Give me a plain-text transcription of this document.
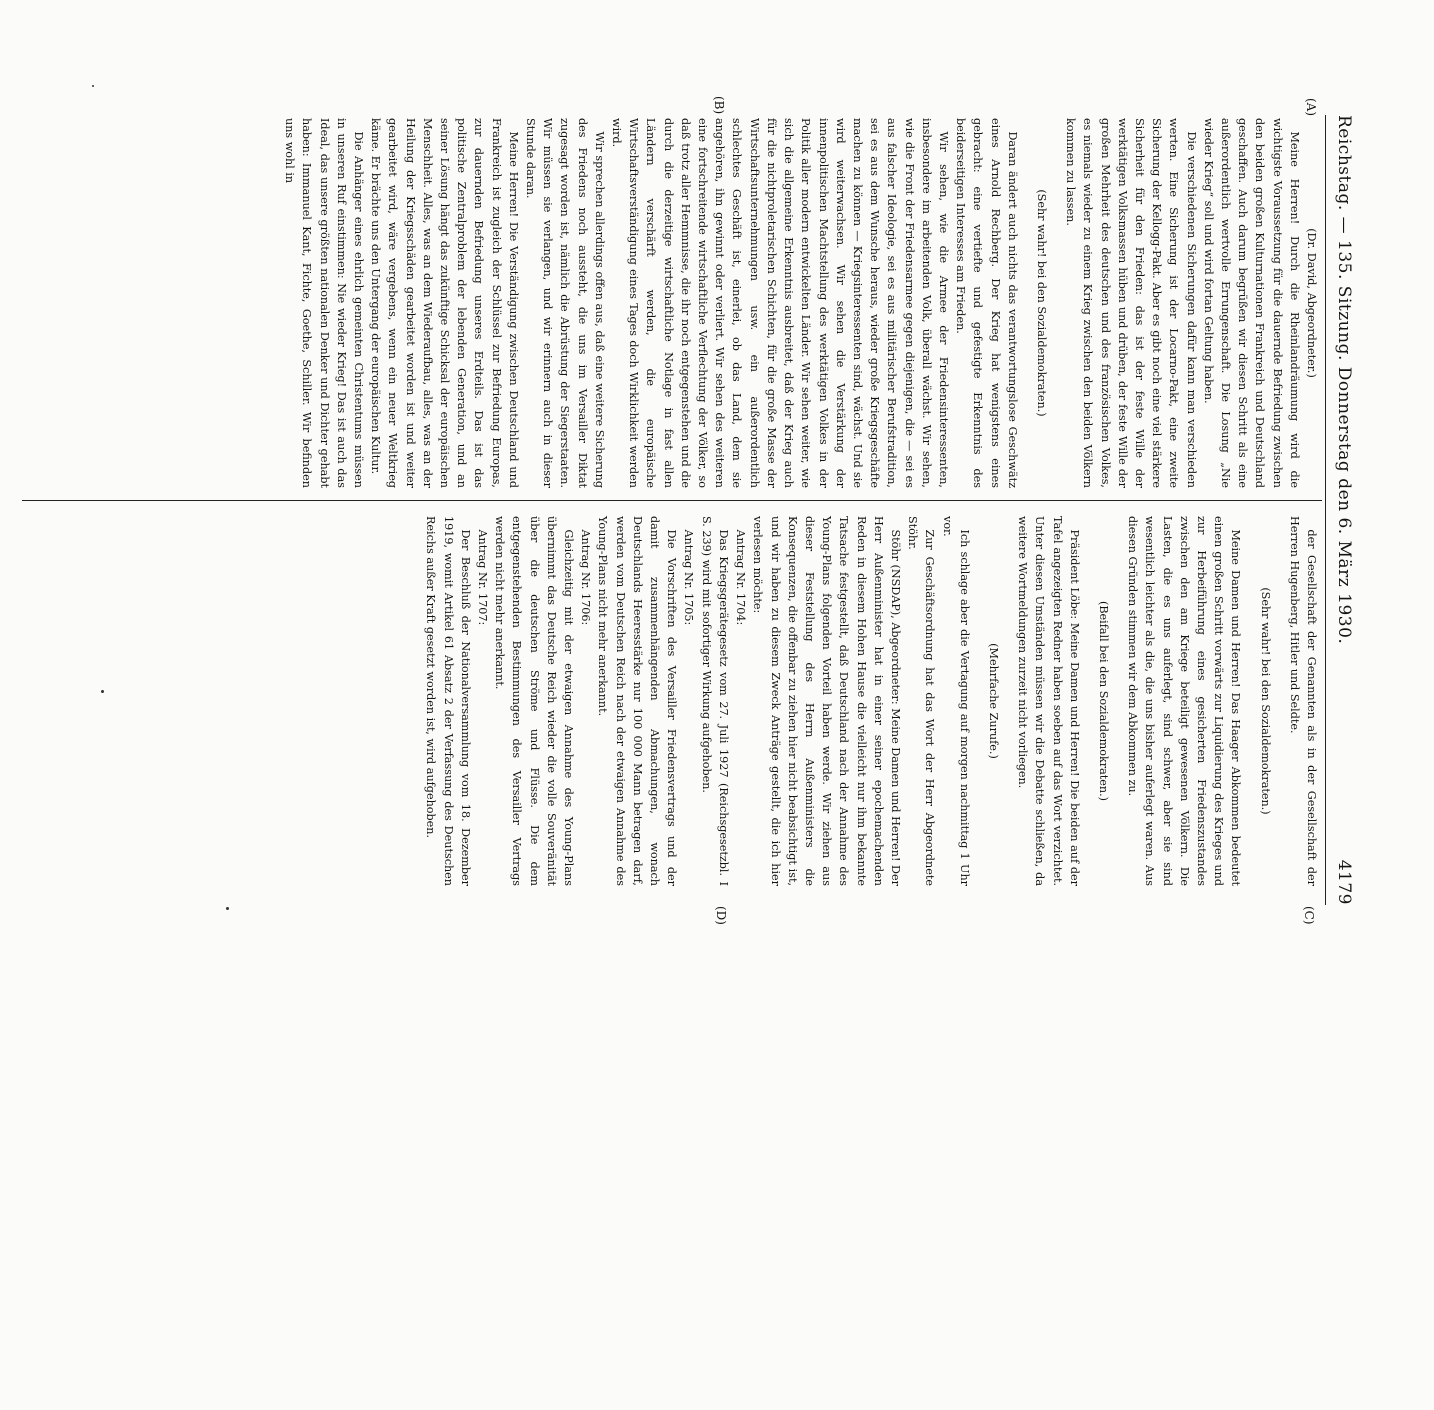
Reichstag. — 135. Sitzung. Donnerstag den 6. März 1930.
4179
(A)
(B)
(C)
(D)

(Dr. David, Abgeordneter.)

Meine Herren! Durch die Rheinlandräumung wird die wichtigste Voraussetzung für die dauernde Befriedung zwischen den beiden großen Kulturnationen Frankreich und Deutschland geschaffen. Auch darum begrüßen wir diesen Schritt als eine außerordentlich wertvolle Errungenschaft. Die Losung „Nie wieder Krieg“ soll und wird fortan Geltung haben.

Die verschiedenen Sicherungen dafür kann man verschieden werten. Eine Sicherung ist der Locarno-Pakt, eine zweite Sicherung der Kellogg-Pakt. Aber es gibt noch eine viel stärkere Sicherheit für den Frieden: das ist der feste Wille der werktätigen Volksmassen hüben und drüben, der feste Wille der großen Mehrheit des deutschen und des französischen Volkes, es niemals wieder zu einem Krieg zwischen den beiden Völkern kommen zu lassen.

(Sehr wahr! bei den Sozialdemokraten.)

Daran ändert auch nichts das verantwortungslose Geschwätz eines Arnold Rechberg. Der Krieg hat wenigstens eines gebracht: eine vertiefte und gefestigte Erkenntnis des beiderseitigen Interesses am Frieden.

Wir sehen, wie die Armee der Friedensinteressenten, insbesondere im arbeitenden Volk, überall wächst. Wir sehen, wie die Front der Friedensarmee gegen diejenigen, die — sei es aus falscher Ideologie, sei es aus militärischer Berufstradition, sei es aus dem Wunsche heraus, wieder große Kriegsgeschäfte machen zu können — Kriegsinteressenten sind, wächst. Und sie wird weiterwachsen. Wir sehen die Verstärkung der innenpolitischen Machtstellung des werktätigen Volkes in der Politik aller modern entwickelten Länder. Wir sehen weiter, wie sich die allgemeine Erkenntnis ausbreitet, daß der Krieg auch für die nichtproletarischen Schichten, für die große Masse der Wirtschaftsunternehmungen usw. ein außerordentlich schlechtes Geschäft ist, einerlei, ob das Land, dem sie angehören, ihn gewinnt oder verliert. Wir sehen des weiteren eine fortschreitende wirtschaftliche Verflechtung der Völker, so daß trotz aller Hemmnisse, die ihr noch entgegenstehen und die durch die derzeitige wirtschaftliche Notlage in fast allen Ländern verschärft werden, die europäische Wirtschaftsverständigung eines Tages doch Wirklichkeit werden wird.

Wir sprechen allerdings offen aus, daß eine weitere Sicherung des Friedens noch aussteht, die uns im Versailler Diktat zugesagt worden ist, nämlich die Abrüstung der Siegerstaaten. Wir müssen sie verlangen, und wir erinnern auch in dieser Stunde daran.

Meine Herren! Die Verständigung zwischen Deutschland und Frankreich ist zugleich der Schlüssel zur Befriedung Europas, zur dauernden Befriedung unseres Erdteils. Das ist das politische Zentralproblem der lebenden Generation, und an seiner Lösung hängt das zukünftige Schicksal der europäischen Menschheit. Alles, was an dem Wiederaufbau, alles, was an der Heilung der Kriegsschäden gearbeitet worden ist und weiter gearbeitet wird, wäre vergebens, wenn ein neuer Weltkrieg käme. Er brächte uns den Untergang der europäischen Kultur.

Die Anhänger eines ehrlich gemeinten Christentums müssen in unseren Ruf einstimmen: Nie wieder Krieg! Das ist auch das Ideal, das unsere größten nationalen Denker und Dichter gehabt haben: Immanuel Kant, Fichte, Goethe, Schiller. Wir befinden uns wohl in

der Gesellschaft der Genannten als in der Gesellschaft der Herren Hugenberg, Hitler und Seldte.

(Sehr wahr! bei den Sozialdemokraten.)

Meine Damen und Herren! Das Haager Abkommen bedeutet einen großen Schritt vorwärts zur Liquidierung des Krieges und zur Herbeiführung eines gesicherten Friedenszustandes zwischen den am Kriege beteiligt gewesenen Völkern. Die Lasten, die es uns auferlegt, sind schwer, aber sie sind wesentlich leichter als die, die uns bisher auferlegt waren. Aus diesen Gründen stimmen wir dem Abkommen zu.

(Beifall bei den Sozialdemokraten.)

Präsident Löbe: Meine Damen und Herren! Die beiden auf der Tafel angezeigten Redner haben soeben auf das Wort verzichtet. Unter diesen Umständen müssen wir die Debatte schließen, da weitere Wortmeldungen zurzeit nicht vorliegen.

(Mehrfache Zurufe.)

Ich schlage aber die Vertagung auf morgen nachmittag 1 Uhr vor.

Zur Geschäftsordnung hat das Wort der Herr Abgeordnete Stöhr.

Stöhr (NSDAP), Abgeordneter: Meine Damen und Herren! Der Herr Außenminister hat in einer seiner epochemachenden Reden in diesem Hohen Hause die vielleicht nur ihm bekannte Tatsache festgestellt, daß Deutschland nach der Annahme des Young-Plans folgenden Vorteil haben werde. Wir ziehen aus dieser Feststellung des Herrn Außenministers die Konsequenzen, die offenbar zu ziehen hier nicht beabsichtigt ist, und wir haben zu diesem Zweck Anträge gestellt, die ich hier verlesen möchte:

Antrag Nr. 1704:

Das Kriegsgerätegesetz vom 27. Juli 1927 (Reichsgesetzbl. I S. 239) wird mit sofortiger Wirkung aufgehoben.

Antrag Nr. 1705:

Die Vorschriften des Versailler Friedensvertrags und der damit zusammenhängenden Abmachungen, wonach Deutschlands Heeresstärke nur 100 000 Mann betragen darf, werden vom Deutschen Reich nach der etwaigen Annahme des Young-Plans nicht mehr anerkannt.

Antrag Nr. 1706:

Gleichzeitig mit der etwaigen Annahme des Young-Plans übernimmt das Deutsche Reich wieder die volle Souveränität über die deutschen Ströme und Flüsse. Die dem entgegenstehenden Bestimmungen des Versailler Vertrags werden nicht mehr anerkannt.

Antrag Nr. 1707:

Der Beschluß der Nationalversammlung vom 18. Dezember 1919, womit Artikel 61 Absatz 2 der Verfassung des Deutschen Reichs außer Kraft gesetzt worden ist, wird aufgehoben.
